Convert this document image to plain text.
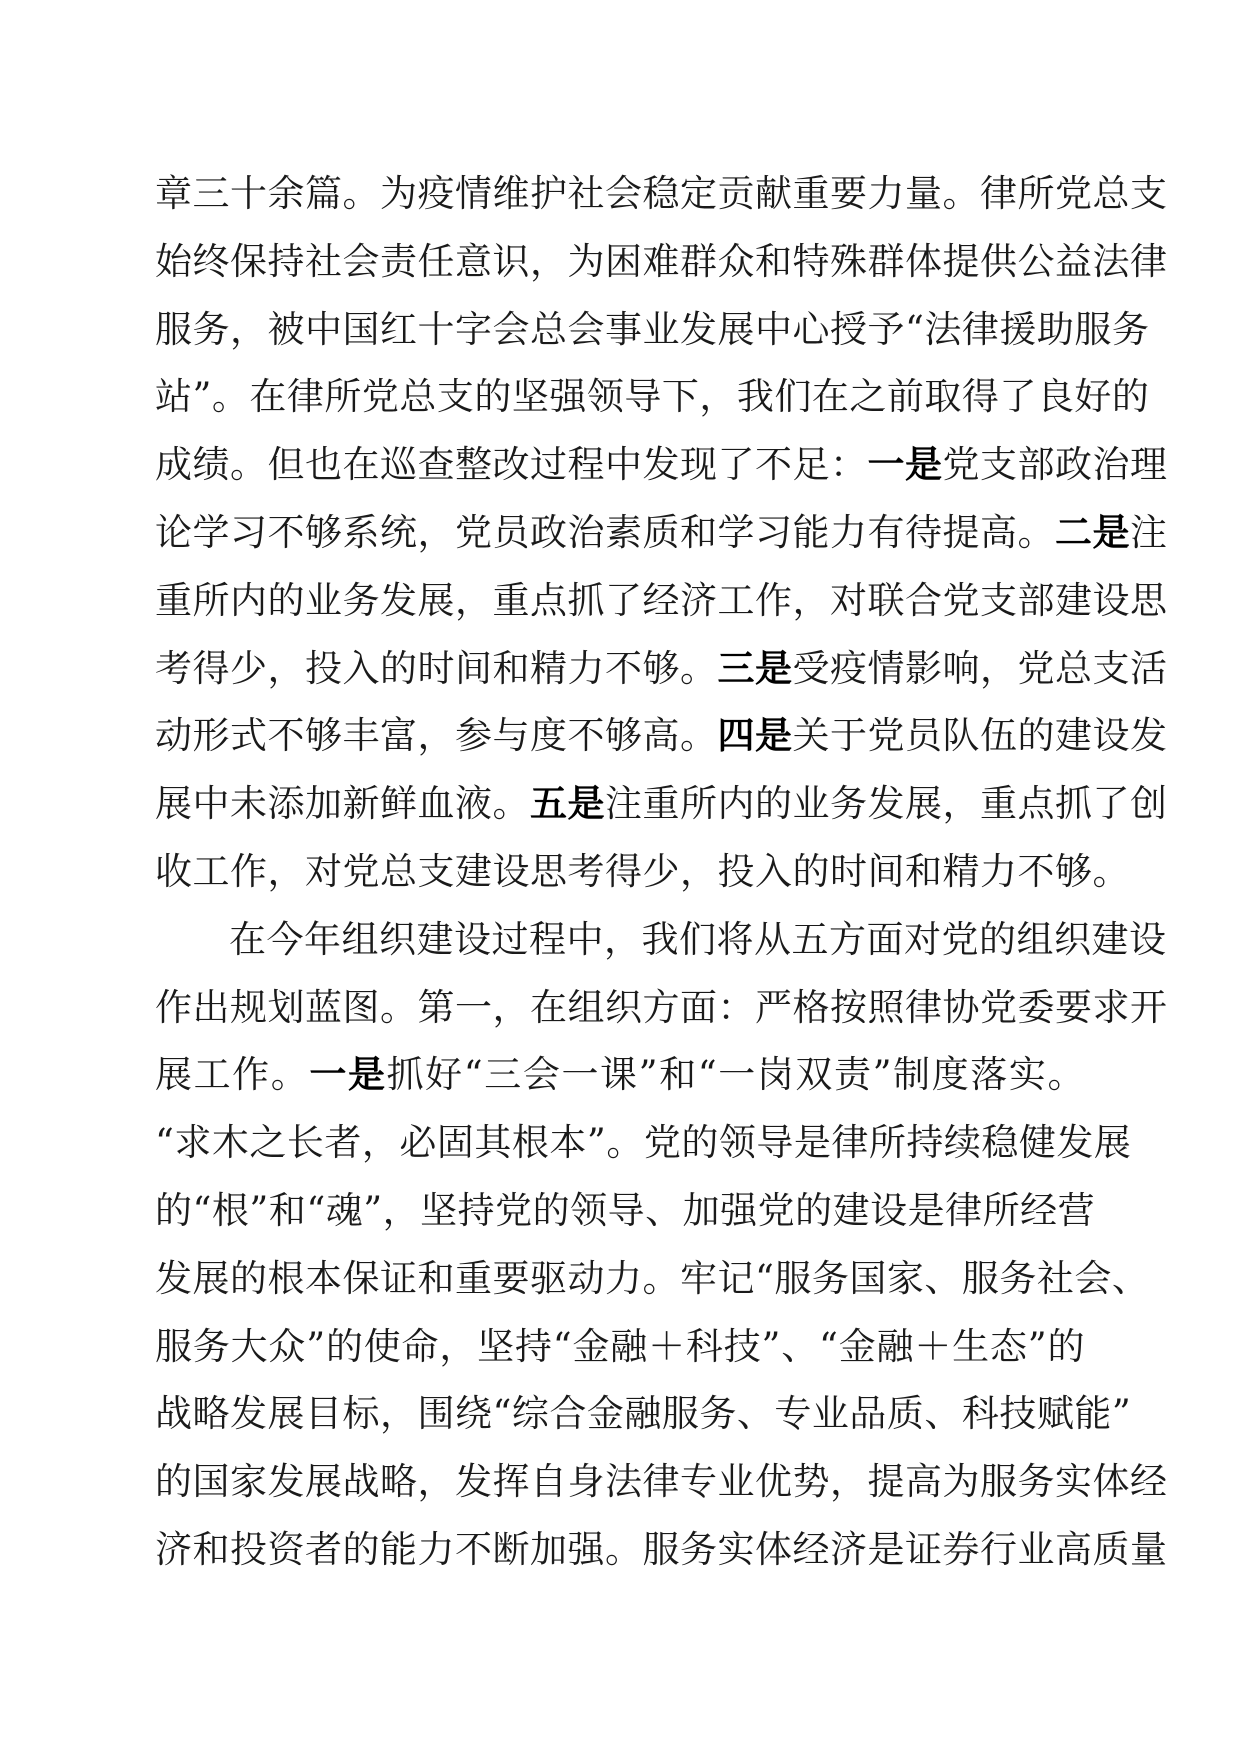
章三十余篇。为疫情维护社会稳定贡献重要力量。律所党总支
始终保持社会责任意识，为困难群众和特殊群体提供公益法律
服务，被中国红十字会总会事业发展中心授予“法律援助服务
站”。在律所党总支的坚强领导下，我们在之前取得了良好的
成绩。但也在巡查整改过程中发现了不足：一是党支部政治理
论学习不够系统，党员政治素质和学习能力有待提高。二是注
重所内的业务发展，重点抓了经济工作，对联合党支部建设思
考得少，投入的时间和精力不够。三是受疫情影响，党总支活
动形式不够丰富，参与度不够高。四是关于党员队伍的建设发
展中未添加新鲜血液。五是注重所内的业务发展，重点抓了创
收工作，对党总支建设思考得少，投入的时间和精力不够。
在今年组织建设过程中，我们将从五方面对党的组织建设
作出规划蓝图。第一，在组织方面：严格按照律协党委要求开
展工作。一是抓好“三会一课”和“一岗双责”制度落实。
“求木之长者，必固其根本”。党的领导是律所持续稳健发展
的“根”和“魂”，坚持党的领导、加强党的建设是律所经营
发展的根本保证和重要驱动力。牢记“服务国家、服务社会、
服务大众”的使命，坚持“金融＋科技”、“金融＋生态”的
战略发展目标，围绕“综合金融服务、专业品质、科技赋能”
的国家发展战略，发挥自身法律专业优势，提高为服务实体经
济和投资者的能力不断加强。服务实体经济是证券行业高质量
